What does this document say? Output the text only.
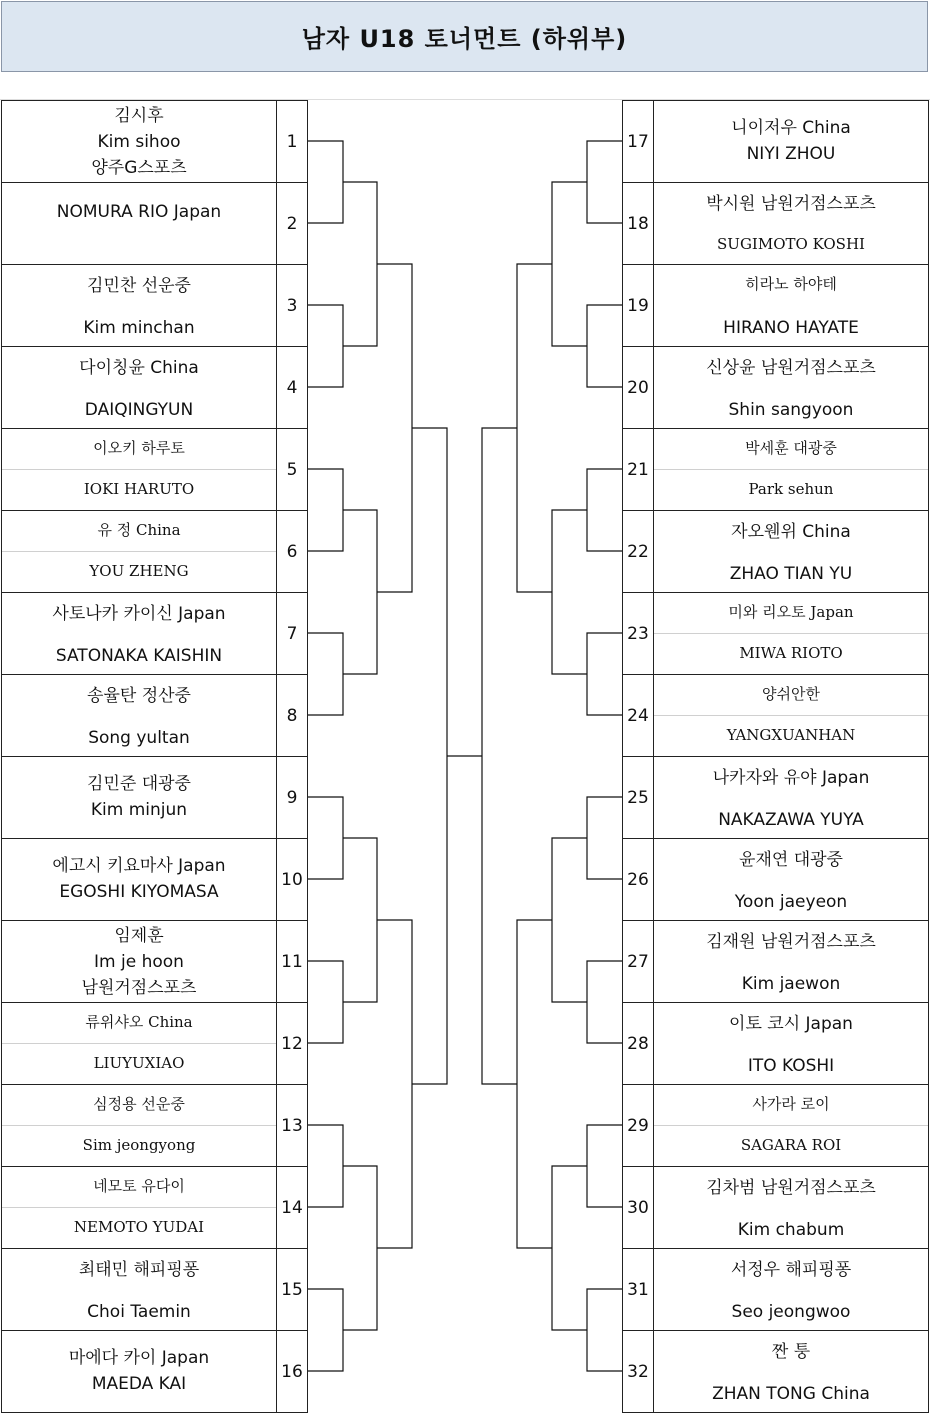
남자 U18 토너먼트 (하위부)
김시후
Kim sihoo
양주G스포츠
1
NOMURA RIO Japan
2
김민찬 선운중
Kim minchan
3
다이칭윤 China
DAIQINGYUN
4
이오키 하루토
IOKI HARUTO
5
유 정 China
YOU ZHENG
6
사토나카 카이신 Japan
SATONAKA KAISHIN
7
송율탄 정산중
Song yultan
8
김민준 대광중
Kim minjun
9
에고시 키요마사 Japan
EGOSHI KIYOMASA
10
임제훈
Im je hoon
남원거점스포츠
11
류위샤오 China
LIUYUXIAO
12
심정용 선운중
Sim jeongyong
13
네모토 유다이
NEMOTO YUDAI
14
최태민 해피핑퐁
Choi Taemin
15
마에다 카이 Japan
MAEDA KAI
16
니이저우 China
NIYI ZHOU
17
박시원 남원거점스포츠
SUGIMOTO KOSHI
18
히라노 하야테
HIRANO HAYATE
19
신상윤 남원거점스포츠
Shin sangyoon
20
박세훈 대광중
Park sehun
21
자오웬위 China
ZHAO TIAN YU
22
미와 리오토 Japan
MIWA RIOTO
23
양쉬안한
YANGXUANHAN
24
나카자와 유야 Japan
NAKAZAWA YUYA
25
윤재연 대광중
Yoon jaeyeon
26
김재원 남원거점스포츠
Kim jaewon
27
이토 코시 Japan
ITO KOSHI
28
사가라 로이
SAGARA ROI
29
김차범 남원거점스포츠
Kim chabum
30
서정우 해피핑퐁
Seo jeongwoo
31
짠 퉁
ZHAN TONG China
32
